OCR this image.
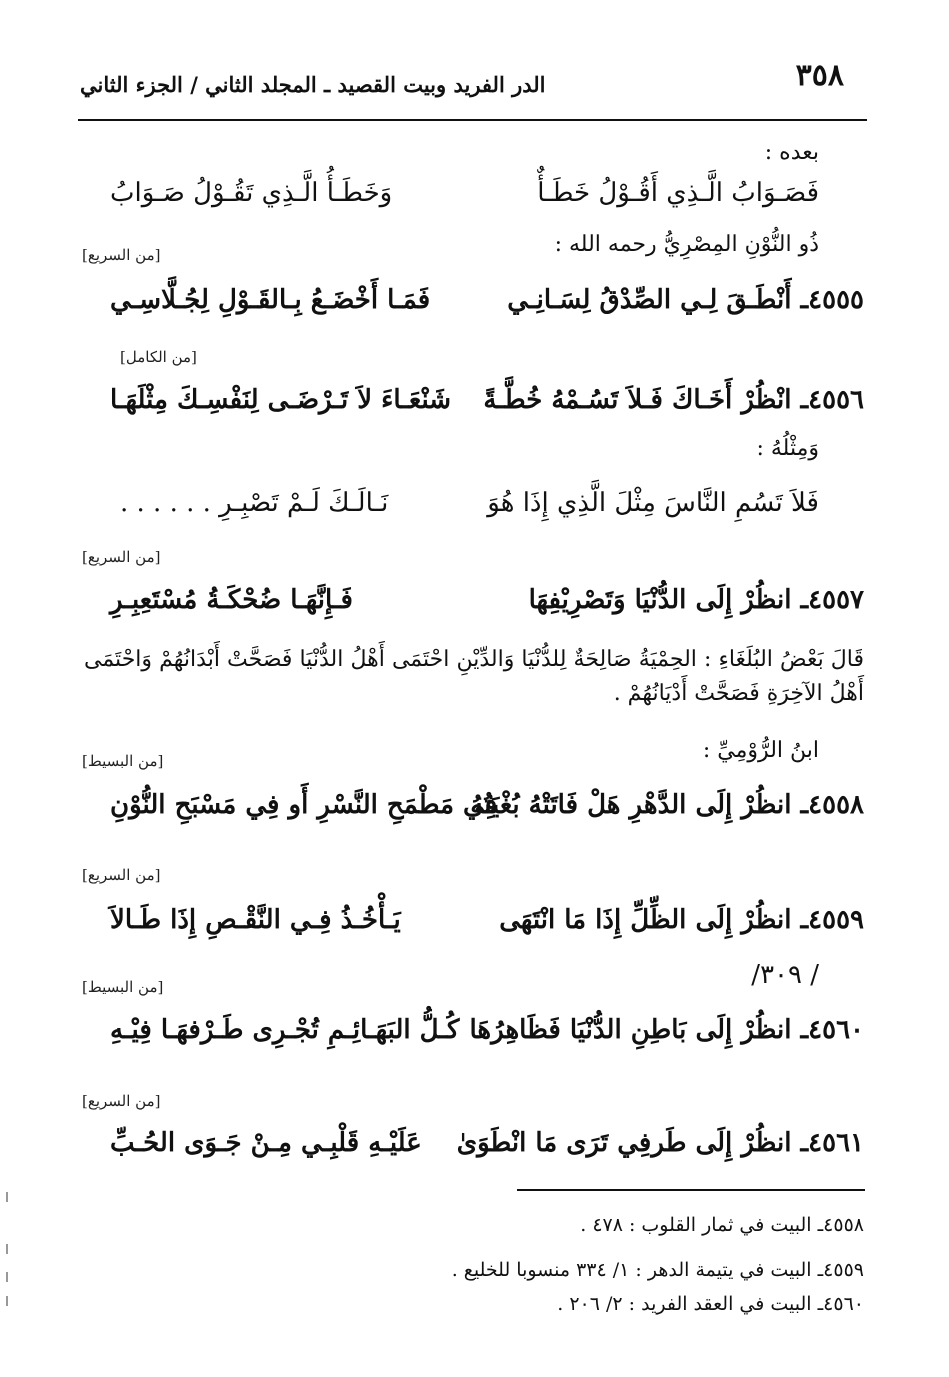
٣٥٨
الدر الفريد وبيت القصيد ـ المجلد الثاني / الجزء الثاني
بعده :
فَصَـوَابُ الَّـذِي أَقُـوْلُ خَطَـأٌ
وَخَطَـأُ الَّـذِي تَقُـوْلُ صَـوَابُ
ذُو النُّوْنِ المِصْرِيُّ رحمه الله :
[من السريع]
٤٥٥٥ـ أَنْطَـقَ لِـي الصِّدْقُ لِسَـانِـي
فَمَـا أَخْضَـعُ بِـالقَـوْلِ لِجُـلَّاسِـي
[من الكامل]
٤٥٥٦ـ انْظُرْ أَخَـاكَ فَـلاَ تَسُـمْهُ خُطَّـةً
شَنْعَـاءَ لاَ تَـرْضَـى لِنَفْسِـكَ مِثْلَهَـا
وَمِثْلُهُ :
فَلاَ تَسُمِ النَّاسَ مِثْلَ الَّذِي إِذَا هُوَ
نَـالَـكَ لَـمْ تَصْبِـرِ . . . . . .
[من السريع]
٤٥٥٧ـ انظُرْ إِلَى الدُّنْيَا وَتَصْرِيْفِهَا
فَـإِنَّهَـا ضُحْكَـةُ مُسْتَعِبِـرِ
قَالَ بَعْضُ البُلَغَاءِ : الحِمْيَةُ صَالِحَةٌ لِلدُّنْيَا وَالدِّيْنِ احْتَمَى أَهْلُ الدُّنْيَا فَصَحَّتْ أَبْدَانُهُمْ وَاحْتَمَى أَهْلُ الآخِرَةِ فَصَحَّتْ أَدْيَانُهُمْ .
ابنُ الرُّوْمِيِّ :
[من البسيط]
٤٥٥٨ـ انظُرْ إِلَى الدَّهْرِ هَلْ فَاتَتْهُ بُغْيَتُهُ
فِي مَطْمَحِ النَّسْرِ أَو فِي مَسْبَحِ النُّوْنِ
[من السريع]
٤٥٥٩ـ انظُرْ إِلَى الظِّلِّ إِذَا مَا انْتَهَى
يَـأْخُـذُ فِـي النَّقْـصِ إِذَا طَـالاَ
/ ٣٠٩/
[من البسيط]
٤٥٦٠ـ انظُرْ إِلَى بَاطِنِ الدُّنْيَا فَظَاهِرُهَا
كُـلُّ البَهَـائِـمِ تُجْـرِى طَـرْفهَـا فِيْـهِ
[من السريع]
٤٥٦١ـ انظُرْ إِلَى طَرفِي تَرَى مَا انْطَوَىٰ
عَلَيْـهِ قَلْبِـي مِـنْ جَـوَى الحُـبِّ
٤٥٥٨ـ البيت في ثمار القلوب : ٤٧٨ .
٤٥٥٩ـ البيت في يتيمة الدهر : ١/ ٣٣٤ منسوبا للخليع .
٤٥٦٠ـ البيت في العقد الفريد : ٢/ ٢٠٦ .
